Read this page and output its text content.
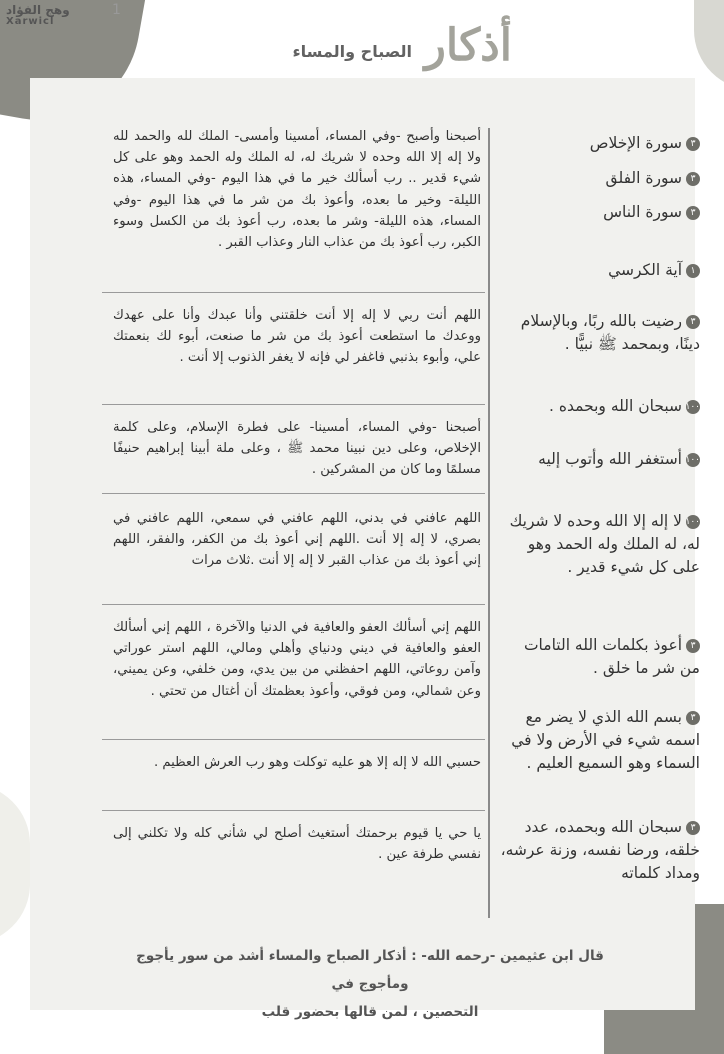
وهج الفؤاد
Xarwicl
1
أذكار
الصباح والمساء
أصبحنا وأصبح -وفي المساء، أمسينا وأمسى- الملك لله والحمد لله ولا إله إلا الله وحده لا شريك له، له الملك وله الحمد وهو على كل شيء قدير .. رب أسألك خير ما في هذا اليوم -وفي المساء، هذه الليلة- وخير ما بعده، وأعوذ بك من شر ما في هذا اليوم -وفي المساء، هذه الليلة- وشر ما بعده، رب أعوذ بك من الكسل وسوء الكبر، رب أعوذ بك من عذاب النار وعذاب القبر .
اللهم أنت ربي لا إله إلا أنت خلقتني وأنا عبدك وأنا على عهدك ووعدك ما استطعت أعوذ بك من شر ما صنعت، أبوء لك بنعمتك علي، وأبوء بذنبي فاغفر لي فإنه لا يغفر الذنوب إلا أنت .
أصبحنا -وفي المساء، أمسينا- على فطرة الإسلام، وعلى كلمة الإخلاص، وعلى دين نبينا محمد ﷺ ، وعلى ملة أبينا إبراهيم حنيفًا مسلمًا وما كان من المشركين .
اللهم عافني في بدني، اللهم عافني في سمعي، اللهم عافني في بصري، لا إله إلا أنت .اللهم إني أعوذ بك من الكفر، والفقر، اللهم إني أعوذ بك من عذاب القبر لا إله إلا أنت .ثلاث مرات
اللهم إني أسألك العفو والعافية في الدنيا والآخرة ، اللهم إني أسألك العفو والعافية في ديني ودنياي وأهلي ومالي، اللهم استر عوراتي وآمن روعاتي، اللهم احفظني من بين يدي، ومن خلفي، وعن يميني، وعن شمالي، ومن فوقي، وأعوذ بعظمتك أن أغتال من تحتي .
حسبي الله لا إله إلا هو عليه توكلت وهو رب العرش العظيم .
يا حي يا قيوم برحمتك أستغيث أصلح لي شأني كله ولا تكلني إلى نفسي طرفة عين .
٣سورة الإخلاص
٣سورة الفلق
٣سورة الناس
١آية الكرسي
٣رضيت بالله ربًا، وبالإسلام دينًا، وبمحمد ﷺ نبيًّا .
١٠٠سبحان الله وبحمده .
١٠٠أستغفر الله وأتوب إليه
١٠٠لا إله إلا الله وحده لا شريك له، له الملك وله الحمد وهو على كل شيء قدير .
٣أعوذ بكلمات الله التامات من شر ما خلق .
٣بسم الله الذي لا يضر مع اسمه شيء في الأرض ولا في السماء وهو السميع العليم .
٣سبحان الله وبحمده، عدد خلقه، ورضا نفسه، وزنة عرشه، ومداد كلماته
قال ابن عثيمين -رحمه الله- : أذكار الصباح والمساء أشد من سور يأجوج ومأجوج في
التحصين ، لمن قالها بحضور قلب
